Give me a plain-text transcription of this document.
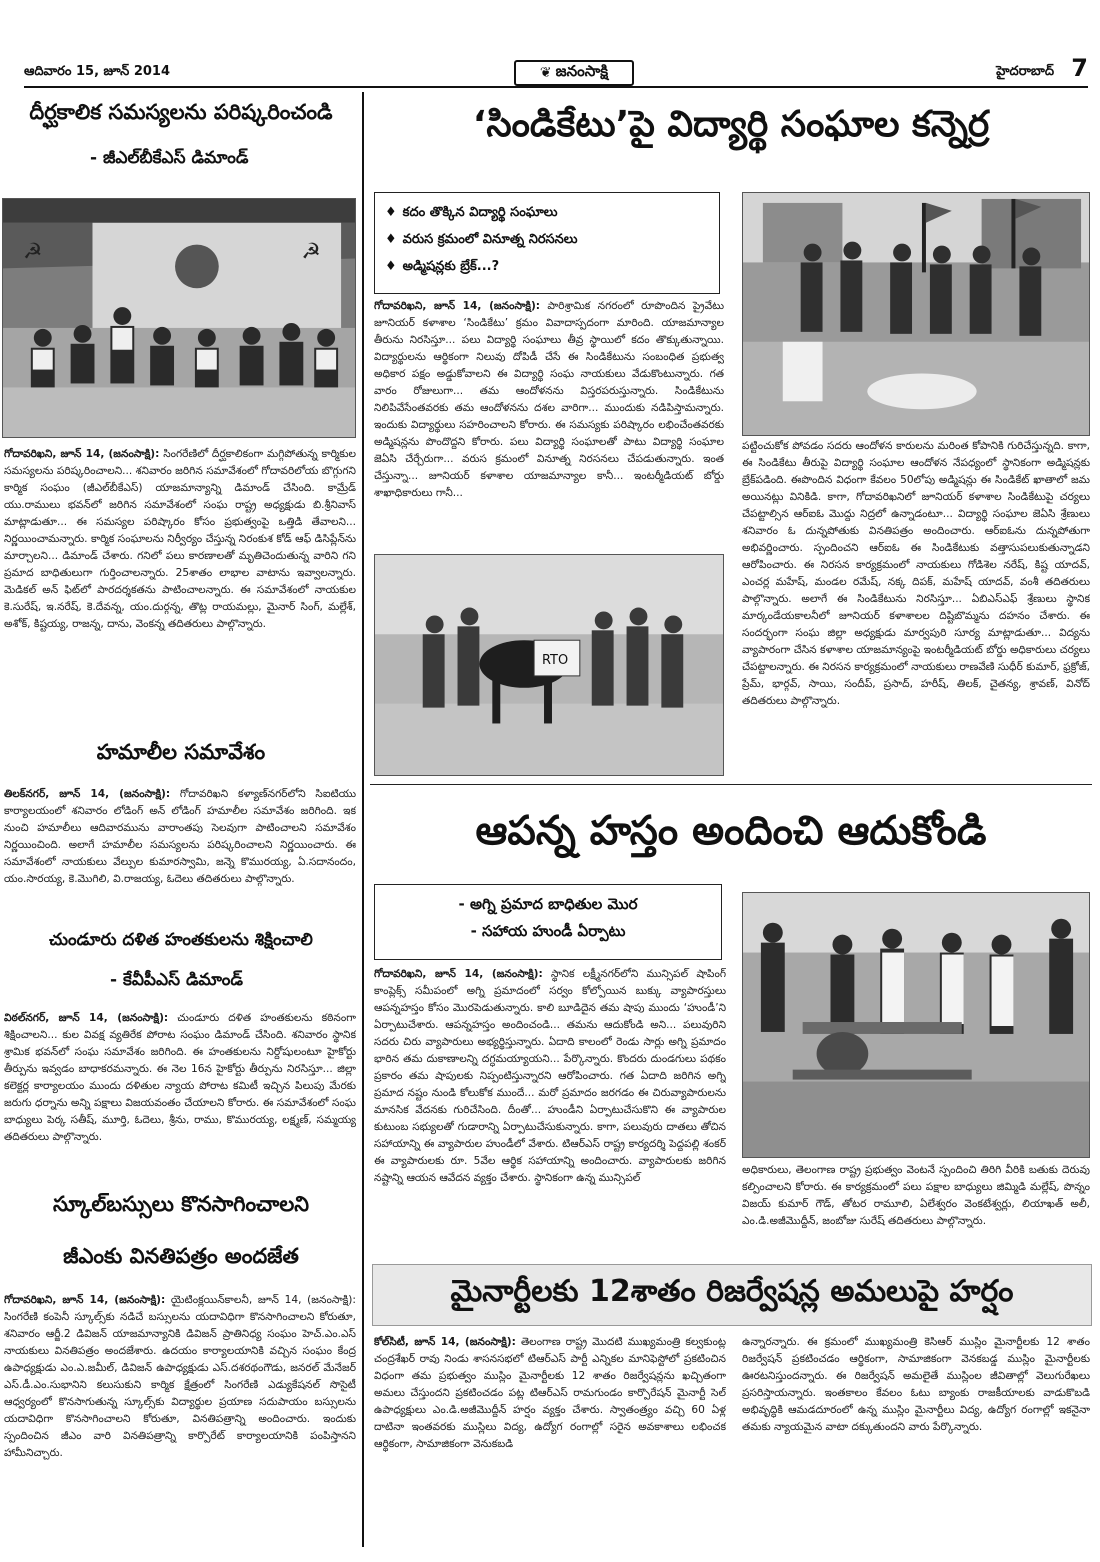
ఆదివారం 15, జూన్ 2014	❦ జనంసాక్షి	హైదరాబాద్ 7
దీర్ఘకాలిక సమస్యలను పరిష్కరించండి
- జీఎల్‌బీకేఎస్ డిమాండ్
☭	☭
గోదావరిఖని, జూన్ 14, (జనంసాక్షి): సింగరేణిలో దీర్ఘకాలికంగా మగ్గిపోతున్న కార్మికుల సమస్యలను పరిష్కరించాలని... శనివారం జరిగిన సమావేశంలో గోదావరిలోయ బొగ్గుగని కార్మిక సంఘం (జీఎల్‌బీకేఎస్) యాజమాన్యాన్ని డిమాండ్ చేసింది. కామ్రేడ్ యు.రాములు భవన్‌లో జరిగిన సమావేశంలో సంఘ రాష్ట్ర అధ్యక్షుడు బి.శ్రీనివాస్ మాట్లాడుతూ... ఈ సమస్యల పరిష్కారం కోసం ప్రభుత్వంపై ఒత్తిడి తేవాలని... నిర్ణయించామన్నారు. కార్మిక సంఘాలను నిర్వీర్యం చేస్తున్న నిరంకుశ కోడ్ ఆఫ్ డిసిప్లేన్‌ను మార్చాలని... డిమాండ్ చేశారు. గనిలో పలు కారణాలతో మృతిచెందుతున్న వారిని గని ప్రమాద బాధితులుగా గుర్తించాలన్నారు. 25శాతం లాభాల వాటాను ఇవ్వాలన్నారు. మెడికల్ అన్ ఫిట్‌లో పారదర్శకతను పాటించాలన్నారు. ఈ సమావేశంలో నాయకుల కె.సురేష్, ఇ.నరేష్, కె.దేవన్న, యం.దుర్గన్న, తొట్ల రాయమల్లు, మైనార్ సింగ్, మల్లేశ్, అశోక్, కిష్టయ్య, రాజన్న, దాను, వెంకన్న తదితరులు పాల్గొన్నారు.
హమాలీల సమావేశం
తిలక్‌నగర్, జూన్ 14, (జనంసాక్షి): గోదావరిఖని కళ్యాణ్‌నగర్‌లోని సిఐటియు కార్యాలయంలో శనివారం లోడింగ్ అన్ లోడింగ్ హమాలీల సమావేశం జరిగింది. ఇక నుంచి హమాలీలు ఆదివారమును వారాంతపు సెలవుగా పాటించాలని సమావేశం నిర్ణయించింది. అలాగే హమాలీల సమస్యలను పరిష్కరించాలని నిర్ణయించారు. ఈ సమావేశంలో నాయకులు వేల్పుల కుమారస్వామి, జన్నె కొమురయ్య, ఏ.సదానందం, యం.సారయ్య, కె.మొగిలి, వి.రాజయ్య, ఓదెలు తదితరులు పాల్గొన్నారు.
చుండూరు దళిత హంతకులను శిక్షించాలి
- కేవీపీఎస్ డిమాండ్
విఠల్‌నగర్, జూన్ 14, (జనంసాక్షి): చుండూరు దళిత హంతకులను కఠినంగా శిక్షించాలని... కుల వివక్ష వ్యతిరేక పోరాట సంఘం డిమాండ్ చేసింది. శనివారం స్థానిక శ్రామిక భవన్‌లో సంఘ సమావేశం జరిగింది. ఈ హంతకులను నిర్దోషులంటూ హైకోర్టు తీర్పును ఇవ్వడం బాధాకరమన్నారు. ఈ నెల 16న హైకోర్టు తీర్పును నిరసిస్తూ... జిల్లా కలెక్టర్ల కార్యాలయం ముందు దళితుల న్యాయ పోరాట కమిటీ ఇచ్చిన పిలుపు మేరకు జరుగు ధర్నాను అన్ని పక్షాలు విజయవంతం చేయాలని కోరారు. ఈ సమావేశంలో సంఘ బాధ్యులు పెర్క సతీష్, మూర్తి, ఓదెలు, శ్రీను, రాము, కొమురయ్య, లక్ష్మణ్, సమ్మయ్య తదితరులు పాల్గొన్నారు.
స్కూల్‌బస్సులు కొనసాగించాలని
జీఎంకు వినతిపత్రం అందజేత
గోదావరిఖని, జూన్ 14, (జనంసాక్షి): యైటింక్లయిన్‌కాలనీ, జూన్ 14, (జనంసాక్షి): సింగరేణి కంపెనీ స్కూల్స్‌కు నడిచే బస్సులను యదావిధిగా కొనసాగించాలని కోరుతూ, శనివారం ఆర్జీ.2 డివిజన్ యాజమాన్యానికి డివిజన్ ప్రాతినిధ్య సంఘం హెచ్.ఎం.ఎస్ నాయకులు వినతిపత్రం అందజేశారు. ఉదయం కార్యాలయానికి వచ్చిన సంఘం కేంద్ర ఉపాధ్యక్షుడు ఎం.ఎ.జమీల్, డివిజన్ ఉపాధ్యక్షుడు ఎస్.దశరథంగౌడు, జనరల్ మేనేజర్ ఎస్.డీ.ఎం.సుభానిని కలుసుకుని కార్మిక క్షేత్రంలో సింగరేణి ఎడ్యుకేషనల్ సొసైటీ ఆధ్వర్యంలో కొనసాగుతున్న స్కూల్స్‌కు విద్యార్థుల ప్రయాణ సదుపాయం బస్సులను యదావిధిగా కొనసాగించాలని కోరుతూ, వినతిపత్రాన్ని అందించారు. ఇందుకు స్పందించిన జీఎం వారి వినతిపత్రాన్ని కార్పొరేట్ కార్యాలయానికి పంపిస్తానని హామీనిచ్చారు.
‘సిండికేటు’పై విద్యార్థి సంఘాల కన్నెర్ర
♦ కదం తొక్కిన విద్యార్థి సంఘాలు
♦ వరుస క్రమంలో వినూత్న నిరసనలు
♦ అడ్మిషన్లకు బ్రేక్...?
గోదావరిఖని, జూన్ 14, (జనంసాక్షి): పారిశ్రామిక నగరంలో రూపొందిన ప్రైవేటు జూనియర్ కళాశాల ‘సిండికేటు’ క్రమం వివాదాస్పదంగా మారింది. యాజమాన్యాల తీరును నిరసిస్తూ... పలు విద్యార్థి సంఘాలు తీవ్ర స్థాయిలో కదం తొక్కుతున్నాయి. విద్యార్థులను ఆర్థికంగా నిలువు దోపిడీ చేసే ఈ సిండికేటును సంబంధిత ప్రభుత్వ అధికార పక్షం అడ్డుకోవాలని ఈ విద్యార్థి సంఘ నాయకులు వేడుకొంటున్నారు. గత వారం రోజులుగా... తమ ఆందోళనను విస్తరపరుస్తున్నారు. సిండికేటును నిలిపివేసేంతవరకు తమ ఆందోళనను దశల వారిగా... ముందుకు నడిపిస్తామన్నారు. ఇందుకు విద్యార్థులు సహరించాలని కోరారు. ఈ సమస్యకు పరిష్కారం లభించేంతవరకు అడ్మిషన్లను పొందొద్దని కోరారు. పలు విద్యార్థి సంఘాలతో పాటు విద్యార్థి సంఘాల జెఏసి చేర్చేరుగా... వరుస క్రమంలో వినూత్న నిరసనలు చేపడుతున్నారు. ఇంత చేస్తున్నా... జూనియర్ కళాశాల యాజమాన్యాల కానీ... ఇంటర్మీడియట్ బోర్డు శాఖాధికారులు గానీ...
పట్టించుకోక పోవడం సదరు ఆందోళన కారులను మరింత కోపానికి గురిచేస్తున్నది. కాగా, ఈ సిండికేటు తీరుపై విద్యార్థి సంఘాల ఆందోళన నేపధ్యంలో స్థానికంగా అడ్మిషన్లకు బ్రేక్‌పడింది. ఈపొందిన విధంగా కేవలం 50లోపు అడ్మిషన్లు ఈ సిండికేట్ ఖాతాలో జమ అయినట్లు వినికిడి. కాగా, గోదావరిఖనిలో జూనియర్ కళాశాల సిండికేటుపై చర్యలు చేపట్టాల్సిన ఆర్ఐఓ మొద్దు నిద్రలో ఉన్నాడంటూ... విద్యార్థి సంఘాల జెఏసి శ్రేణులు శనివారం ఓ దున్నపోతుకు వినతిపత్రం అందించారు. ఆర్ఐఓను దున్నపోతుగా అభివర్ణించారు. స్పందించని ఆర్ఐఓ ఈ సిండికేటుకు వత్తాసుపలుకుతున్నాడని ఆరోపించారు. ఈ నిరసన కార్యక్రమంలో నాయకులు గోడిశెల నరేష్, కిష్ట యాదవ్, ఎంచర్ల మహేష్, మండల రమేష్, నక్క దిపక్, మహేష్ యాదవ్, వంశీ తదితరులు పాల్గొన్నారు. అలాగే ఈ సిండికేటును నిరసిస్తూ... ఏబిఎస్‌ఎఫ్ శ్రేణులు స్థానిక మార్కండేయకాలనీలో జూనియర్ కళాశాలల దిష్టిబొమ్మను దహనం చేశారు. ఈ సందర్భంగా సంఘ జిల్లా అధ్యక్షుడు మార్వపురి సూర్య మాట్లాడుతూ... విద్యను వ్యాపారంగా చేసిన కళాశాల యాజమాన్యంపై ఇంటర్మీడియట్ బోర్డు అధికారులు చర్యలు చేపట్టాలన్నారు. ఈ నిరసన కార్యక్రమంలో నాయకులు రాణవేణి సుధీర్ కుమార్, ఫ్రక్రోజ్, ప్రేమ్, భార్గవ్, సాయి, సందీప్, ప్రసాద్, హరీష్, తిలక్, చైతన్య, శ్రావణ్, వినోద్ తదితరులు పాల్గొన్నారు.
RTO
ఆపన్న హస్తం అందించి ఆదుకోండి
- అగ్ని ప్రమాద బాధితుల మొర
- సహాయ హుండీ ఏర్పాటు
గోదావరిఖని, జూన్ 14, (జనంసాక్షి): స్థానిక లక్ష్మీనగర్‌లోని మున్సిపల్ షాపింగ్ కాంప్లెక్స్ సమీపంలో అగ్ని ప్రమాదంలో సర్వం కోల్పోయిన బుక్కు వ్యాపారస్తులు ఆపన్నహస్తం కోసం మొరపెడుతున్నారు. కాలి బూడిదైన తమ షాపు ముందు ‘హుండీ’ని ఏర్పాటుచేశారు. ఆపన్నహస్తం అందించండి... తమను ఆదుకోండి అని... పలువురిని సదరు చిరు వ్యాపారులు అభ్యర్థిస్తున్నారు. ఏదాది కాలంలో రెండు సార్లు అగ్ని ప్రమాదం భారిన తమ దుకాణాలన్ని దగ్ధమయ్యాయని... పేర్కొన్నారు. కొందరు దుండగులు పథకం ప్రకారం తమ షాపులకు నిప్పంటిస్తున్నారని ఆరోపించారు. గత ఏదాది జరిగిన అగ్ని ప్రమాద నష్టం నుండి కోలుకోక ముందే... మరో ప్రమాదం జరగడం ఈ చిరువ్యాపారులను మానసిక వేదనకు గురిచేసింది. దీంతో... హుండీని ఏర్పాటుచేసుకొని ఈ వ్యాపారుల కుటుంబ సభ్యులతో గుడారాన్ని ఏర్పాటుచేసుకున్నారు. కాగా, పలువురు దాతలు తోచిన సహాయాన్ని ఈ వ్యాపారుల హుండీలో వేశారు. టిఆర్ఎస్ రాష్ట్ర కార్యదర్శి పెద్దపల్లి శంకర్ ఈ వ్యాపారులకు రూ. 5వేల ఆర్థిక సహాయాన్ని అందించారు. వ్యాపారులకు జరిగిన నష్టాన్ని ఆయన ఆవేదన వ్యక్తం చేశారు. స్థానికంగా ఉన్న మున్సిపల్
అధికారులు, తెలంగాణ రాష్ట్ర ప్రభుత్వం వెంటనే స్పందించి తిరిగి వీరికి బతుకు దెరువు కల్పించాలని కోరారు. ఈ కార్యక్రమంలో పలు పక్షాల బాధ్యులు జిమ్మిడి మల్లేష్, పొన్నం విజయ్ కుమార్ గౌడ్, తోటర రామూలి, ఏలేశ్వరం వెంకటేశ్వర్లు, లియాఖత్ అలీ, ఎం.డి.అజీమొద్దీన్, జంబోజు సురేష్ తదితరులు పాల్గొన్నారు.
మైనార్టీలకు 12శాతం రిజర్వేషన్ల అమలుపై హర్షం
కోల్‌సిటీ, జూన్ 14, (జనంసాక్షి): తెలంగాణ రాష్ట్ర మొదటి ముఖ్యమంత్రి కల్వకుంట్ల చంద్రశేఖర్ రావు నిండు శాసనసభలో టిఆర్ఎస్ పార్టీ ఎన్నికల మానిఫెస్టోలో ప్రకటించిన విధంగా తమ ప్రభుత్వం ముస్లిం మైనార్టీలకు 12 శాతం రిజర్వేషన్లను ఖచ్చితంగా అమలు చేస్తుందని ప్రకటించడం పట్ల టిఆర్ఎస్ రామగుండం కార్పొరేషన్ మైనార్టీ సెల్ ఉపాధ్యక్షులు ఎం.డి.అజీమొద్దీన్ హర్షం వ్యక్తం చేశారు. స్వాతంత్ర్యం వచ్చి 60 ఏళ్ల దాటినా ఇంతవరకు ముస్లిలు విద్య, ఉద్యోగ రంగాల్లో సరైన అవకాశాలు లభించక ఆర్థికంగా, సామాజికంగా వెనుకబడి
ఉన్నారన్నారు. ఈ క్రమంలో ముఖ్యమంత్రి కెసిఆర్ ముస్లిం మైనార్టీలకు 12 శాతం రిజర్వేషన్ ప్రకటించడం ఆర్థికంగా, సామాజికంగా వెనకబడ్డ ముస్లిం మైనార్టీలకు ఊరటనిస్తుందన్నారు. ఈ రిజర్వేషన్ అమలైతే ముస్లింల జీవితాల్లో వెలుగురేఖలు ప్రసరిస్తాయన్నారు. ఇంతకాలం కేవలం ఓటు బ్యాంకు రాజకీయాలకు వాడుకొబడి అభివృద్ధికి ఆమడదూరంలో ఉన్న ముస్లిం మైనార్టీలు విద్య, ఉద్యోగ రంగాల్లో ఇకనైనా తమకు న్యాయమైన వాటా దక్కుతుందని వారు పేర్కొన్నారు.
